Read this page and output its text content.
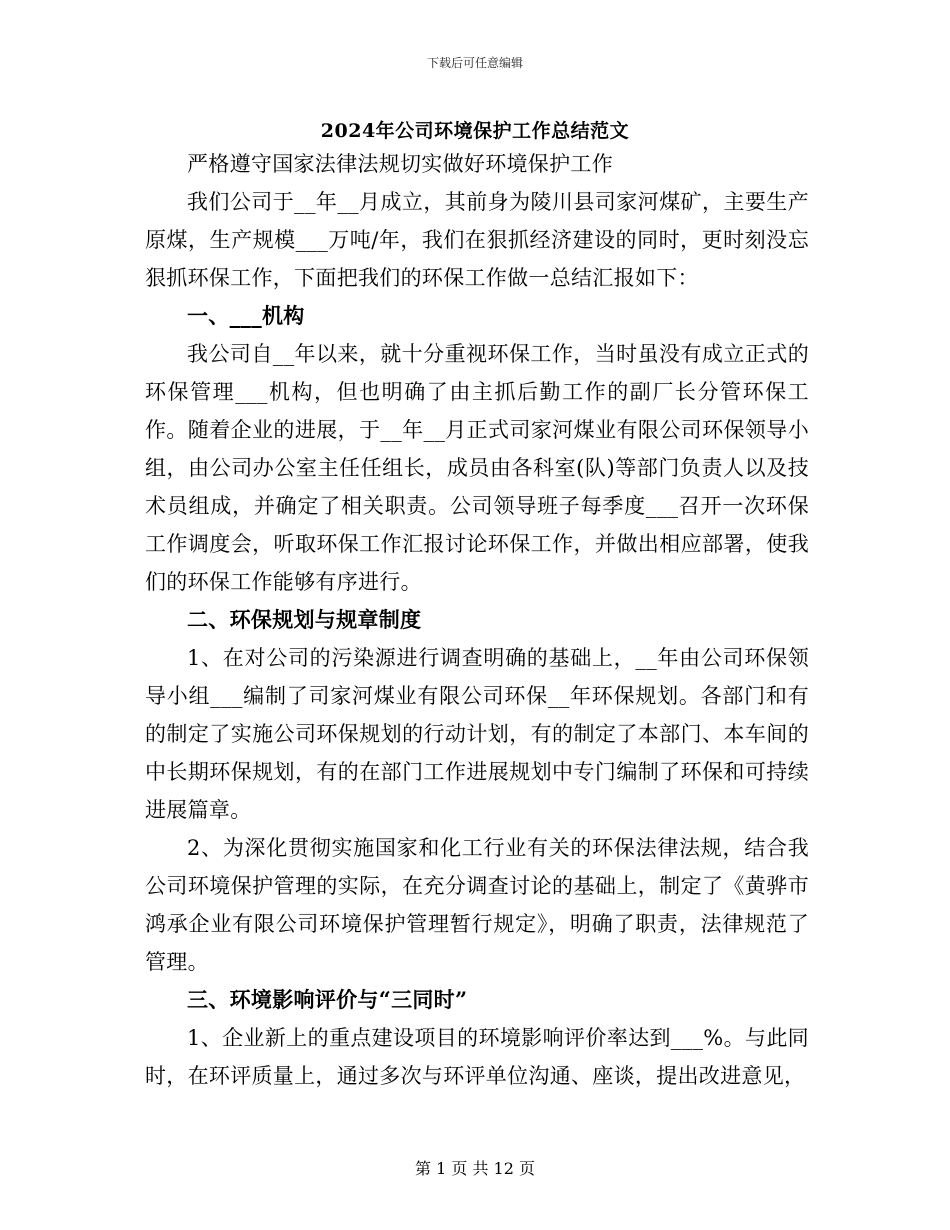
下载后可任意编辑
2024年公司环境保护工作总结范文

严格遵守国家法律法规切实做好环境保护工作

我们公司于__年__月成立，其前身为陵川县司家河煤矿，主要生产原煤，生产规模___万吨/年，我们在狠抓经济建设的同时，更时刻没忘狠抓环保工作，下面把我们的环保工作做一总结汇报如下：

一、___机构

我公司自__年以来，就十分重视环保工作，当时虽没有成立正式的环保管理___机构，但也明确了由主抓后勤工作的副厂长分管环保工作。随着企业的进展，于__年__月正式司家河煤业有限公司环保领导小组，由公司办公室主任任组长，成员由各科室(队)等部门负责人以及技术员组成，并确定了相关职责。公司领导班子每季度___召开一次环保工作调度会，听取环保工作汇报讨论环保工作，并做出相应部署，使我们的环保工作能够有序进行。

二、环保规划与规章制度

1、在对公司的污染源进行调查明确的基础上，__年由公司环保领导小组___编制了司家河煤业有限公司环保__年环保规划。各部门和有的制定了实施公司环保规划的行动计划，有的制定了本部门、本车间的中长期环保规划，有的在部门工作进展规划中专门编制了环保和可持续进展篇章。

2、为深化贯彻实施国家和化工行业有关的环保法律法规，结合我公司环境保护管理的实际，在充分调查讨论的基础上，制定了《黄骅市鸿承企业有限公司环境保护管理暂行规定》，明确了职责，法律规范了管理。

三、环境影响评价与“三同时”

1、企业新上的重点建设项目的环境影响评价率达到___%。与此同时，在环评质量上，通过多次与环评单位沟通、座谈，提出改进意见，

第 1 页 共 12 页
